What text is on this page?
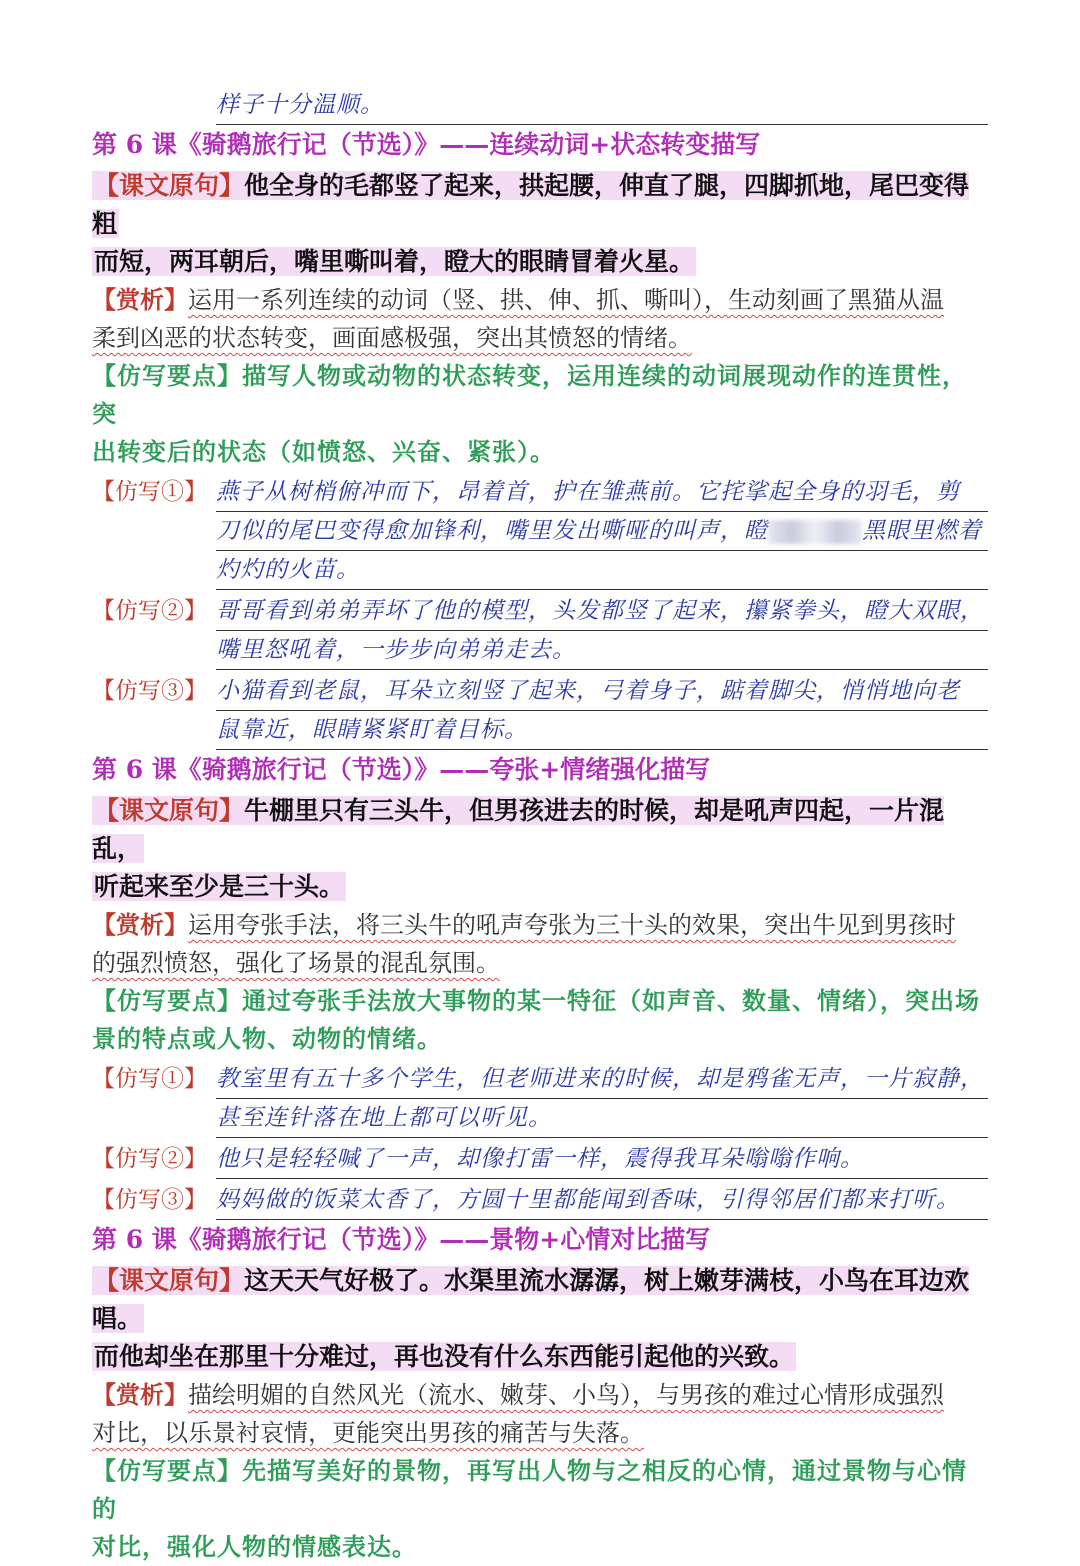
样子十分温顺。
第 6 课《骑鹅旅行记（节选）》——连续动词+状态转变描写
【课文原句】他全身的毛都竖了起来，拱起腰，伸直了腿，四脚抓地，尾巴变得粗
而短，两耳朝后，嘴里嘶叫着，瞪大的眼睛冒着火星。
【赏析】运用一系列连续的动词（竖、拱、伸、抓、嘶叫），生动刻画了黑猫从温
柔到凶恶的状态转变，画面感极强，突出其愤怒的情绪。
【仿写要点】描写人物或动物的状态转变，运用连续的动词展现动作的连贯性，突
出转变后的状态（如愤怒、兴奋、紧张）。
【仿写①】 燕子从树梢俯冲而下，昂着首，护在雏燕前。它挓挲起全身的羽毛，剪
刀似的尾巴变得愈加锋利，嘴里发出嘶哑的叫声，瞪	黑眼里燃着
灼灼的火苗。
【仿写②】 哥哥看到弟弟弄坏了他的模型，头发都竖了起来，攥紧拳头，瞪大双眼，
嘴里怒吼着，一步步向弟弟走去。
【仿写③】 小猫看到老鼠，耳朵立刻竖了起来，弓着身子，踮着脚尖，悄悄地向老
鼠靠近，眼睛紧紧盯着目标。
第 6 课《骑鹅旅行记（节选）》——夸张+情绪强化描写
【课文原句】牛棚里只有三头牛，但男孩进去的时候，却是吼声四起，一片混乱，
听起来至少是三十头。
【赏析】运用夸张手法，将三头牛的吼声夸张为三十头的效果，突出牛见到男孩时
的强烈愤怒，强化了场景的混乱氛围。
【仿写要点】通过夸张手法放大事物的某一特征（如声音、数量、情绪），突出场
景的特点或人物、动物的情绪。
【仿写①】 教室里有五十多个学生，但老师进来的时候，却是鸦雀无声，一片寂静，
甚至连针落在地上都可以听见。
【仿写②】 他只是轻轻喊了一声，却像打雷一样，震得我耳朵嗡嗡作响。
【仿写③】 妈妈做的饭菜太香了，方圆十里都能闻到香味，引得邻居们都来打听。
第 6 课《骑鹅旅行记（节选）》——景物+心情对比描写
【课文原句】这天天气好极了。水渠里流水潺潺，树上嫩芽满枝，小鸟在耳边欢唱。
而他却坐在那里十分难过，再也没有什么东西能引起他的兴致。
【赏析】描绘明媚的自然风光（流水、嫩芽、小鸟），与男孩的难过心情形成强烈
对比，以乐景衬哀情，更能突出男孩的痛苦与失落。
【仿写要点】先描写美好的景物，再写出人物与之相反的心情，通过景物与心情的
对比，强化人物的情感表达。
